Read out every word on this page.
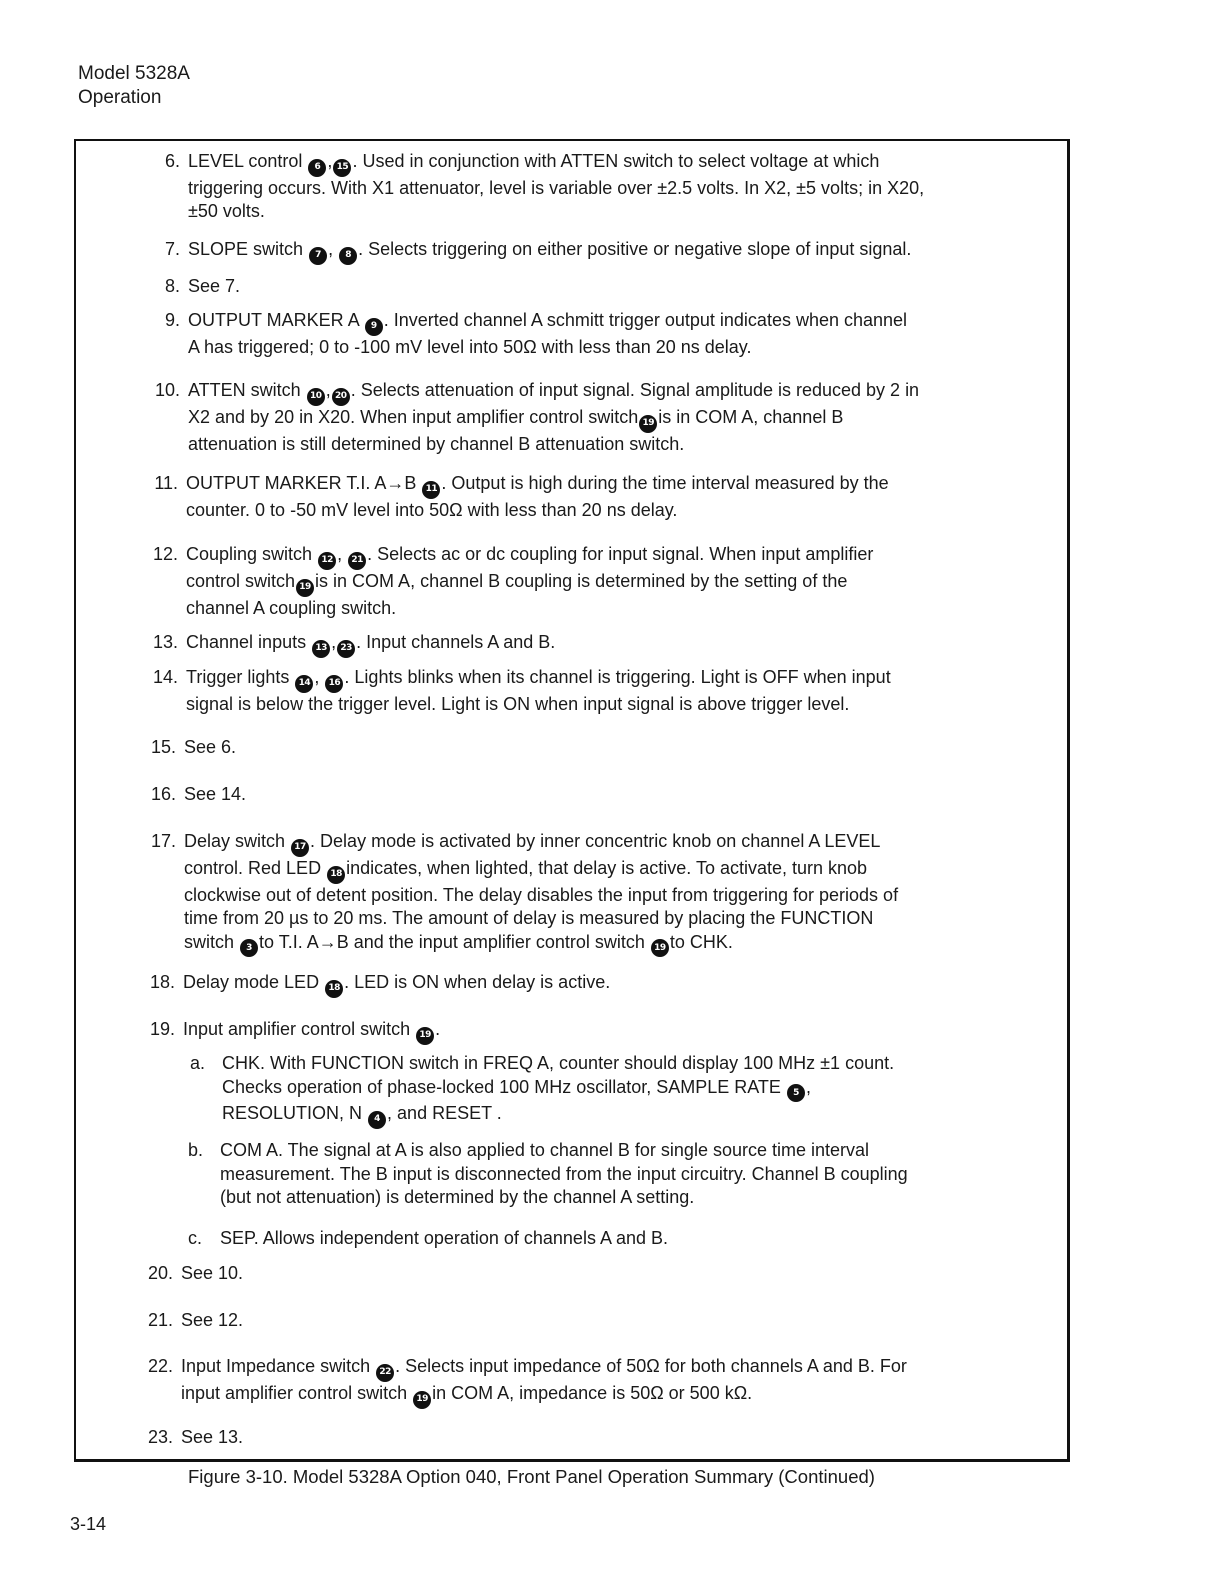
Model 5328A
Operation
6. LEVEL control 6 , 15 . Used in conjunction with ATTEN switch to select voltage at which
triggering occurs. With X1 attenuator, level is variable over ±2.5 volts. In X2, ±5 volts; in X20,
±50 volts.
7. SLOPE switch 7 , 8 . Selects triggering on either positive or negative slope of input signal.
8. See 7.
9. OUTPUT MARKER A 9 . Inverted channel A schmitt trigger output indicates when channel
A has triggered; 0 to -100 mV level into 50Ω with less than 20 ns delay.
10. ATTEN switch 10 , 20 . Selects attenuation of input signal. Signal amplitude is reduced by 2 in
X2 and by 20 in X20. When input amplifier control switch 19 is in COM A, channel B
attenuation is still determined by channel B attenuation switch.
11. OUTPUT MARKER T.I. A→B 11 . Output is high during the time interval measured by the
counter. 0 to -50 mV level into 50Ω with less than 20 ns delay.
12. Coupling switch 12 , 21 . Selects ac or dc coupling for input signal. When input amplifier
control switch 19 is in COM A, channel B coupling is determined by the setting of the
channel A coupling switch.
13. Channel inputs 13 , 23 . Input channels A and B.
14. Trigger lights 14 , 16 . Lights blinks when its channel is triggering. Light is OFF when input
signal is below the trigger level. Light is ON when input signal is above trigger level.
15. See 6.
16. See 14.
17. Delay switch 17 . Delay mode is activated by inner concentric knob on channel A LEVEL
control. Red LED 18 indicates, when lighted, that delay is active. To activate, turn knob
clockwise out of detent position. The delay disables the input from triggering for periods of
time from 20 µs to 20 ms. The amount of delay is measured by placing the FUNCTION
switch 3 to T.I. A→B and the input amplifier control switch 19 to CHK.
18. Delay mode LED 18 . LED is ON when delay is active.
19. Input amplifier control switch 19 .
a. CHK. With FUNCTION switch in FREQ A, counter should display 100 MHz ±1 count.
Checks operation of phase-locked 100 MHz oscillator, SAMPLE RATE 5 ,
RESOLUTION, N 4 , and RESET .
b. COM A. The signal at A is also applied to channel B for single source time interval
measurement. The B input is disconnected from the input circuitry. Channel B coupling
(but not attenuation) is determined by the channel A setting.
c. SEP. Allows independent operation of channels A and B.
20. See 10.
21. See 12.
22. Input Impedance switch 22 . Selects input impedance of 50Ω for both channels A and B. For
input amplifier control switch 19 in COM A, impedance is 50Ω or 500 kΩ.
23. See 13.
Figure 3-10. Model 5328A Option 040, Front Panel Operation Summary (Continued)
3-14
